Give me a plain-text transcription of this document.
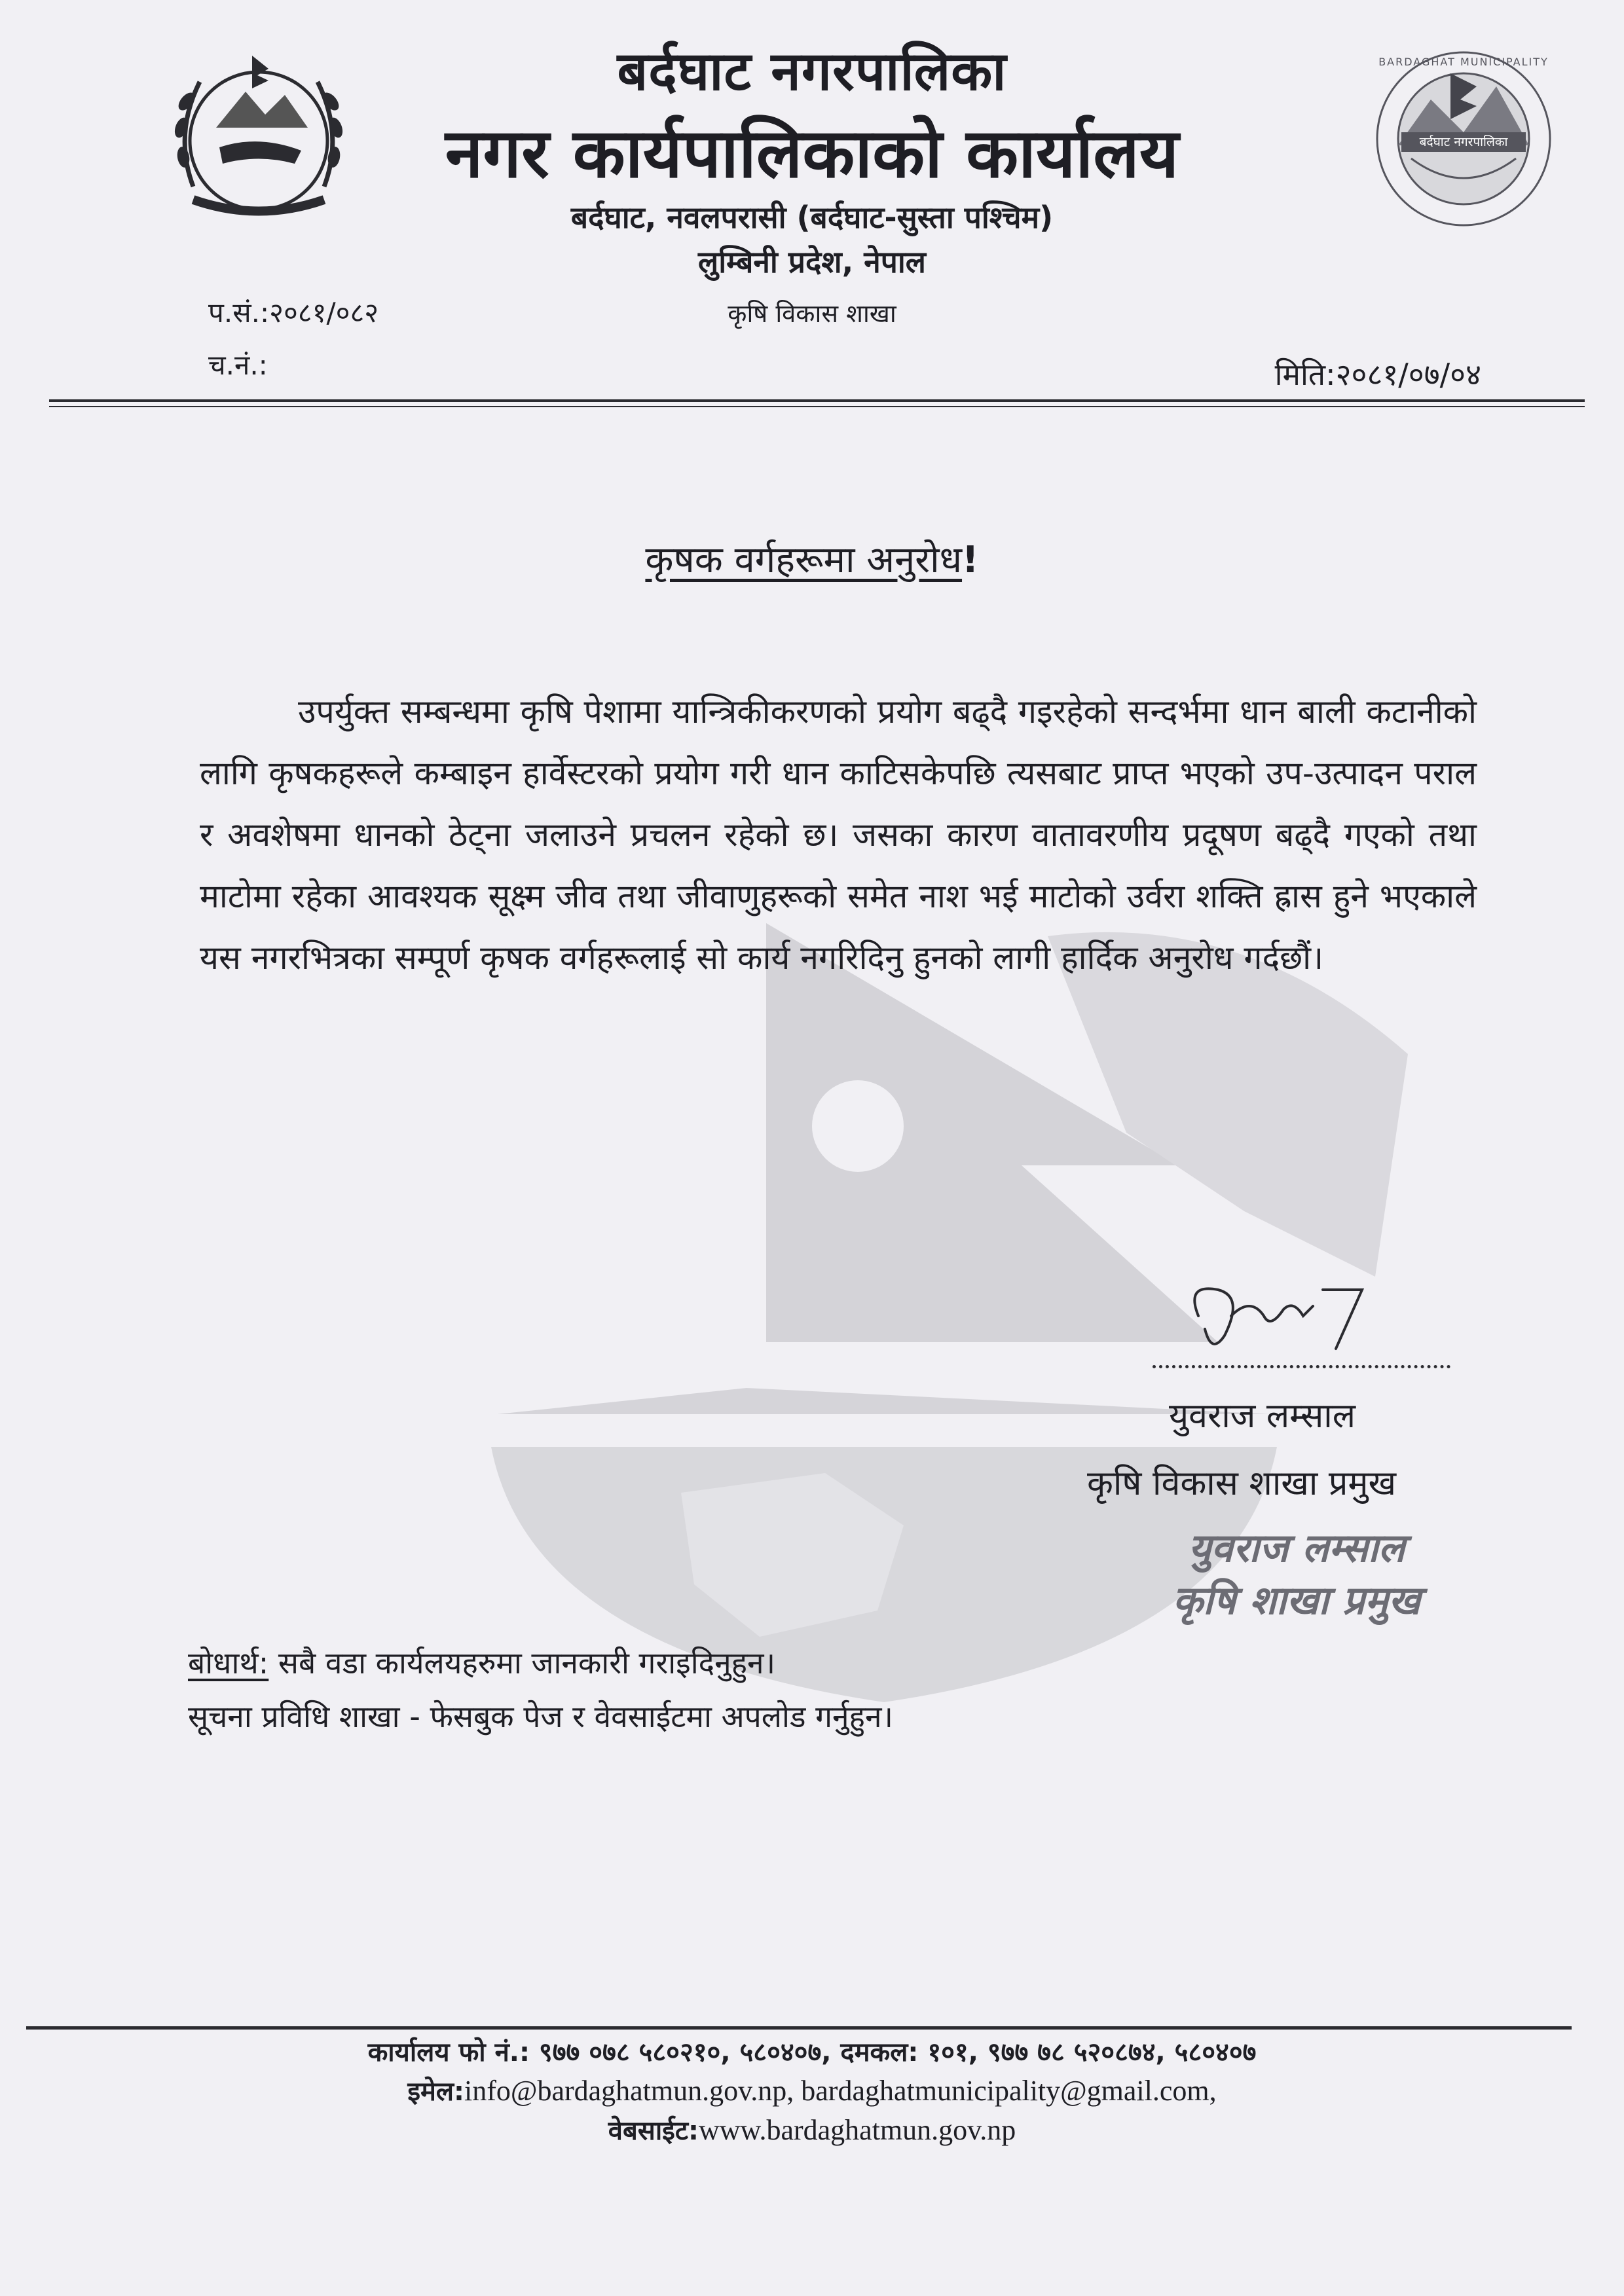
बर्दघाट नगरपालिका
BARDAGHAT MUNICIPALITY
बर्दघाट नगरपालिका
नगर कार्यपालिकाको कार्यालय
बर्दघाट, नवलपरासी (बर्दघाट-सुस्ता पश्चिम)
लुम्बिनी प्रदेश, नेपाल
कृषि विकास शाखा
प.सं.:२०८१/०८२
च.नं.:	मिति:२०८१/०७/०४
कृषक वर्गहरूमा अनुरोध!

उपर्युक्त सम्बन्धमा कृषि पेशामा यान्त्रिकीकरणको प्रयोग बढ्दै गइरहेको सन्दर्भमा धान बाली कटानीको लागि कृषकहरूले कम्बाइन हार्वेस्टरको प्रयोग गरी धान काटिसकेपछि त्यसबाट प्राप्त भएको उप-उत्पादन पराल र अवशेषमा धानको ठेट्ना जलाउने प्रचलन रहेको छ। जसका कारण वातावरणीय प्रदूषण बढ्दै गएको तथा माटोमा रहेका आवश्यक सूक्ष्म जीव तथा जीवाणुहरूको समेत नाश भई माटोको उर्वरा शक्ति ह्रास हुने भएकाले यस नगरभित्रका सम्पूर्ण कृषक वर्गहरूलाई सो कार्य नगरिदिनु हुनको लागी हार्दिक अनुरोध गर्दछौं।

युवराज लम्साल
कृषि विकास शाखा प्रमुख
युवराज लम्साल
कृषि शाखा प्रमुख
बोधार्थ: सबै वडा कार्यलयहरुमा जानकारी गराइदिनुहुन।
सूचना प्रविधि शाखा - फेसबुक पेज र वेवसाईटमा अपलोड गर्नुहुन।
कार्यालय फो नं.: ९७७ ०७८ ५८०२१०, ५८०४०७, दमकल: १०१, ९७७ ७८ ५२०८७४, ५८०४०७
इमेल:info@bardaghatmun.gov.np, bardaghatmunicipality@gmail.com,
वेबसाईट:www.bardaghatmun.gov.np
